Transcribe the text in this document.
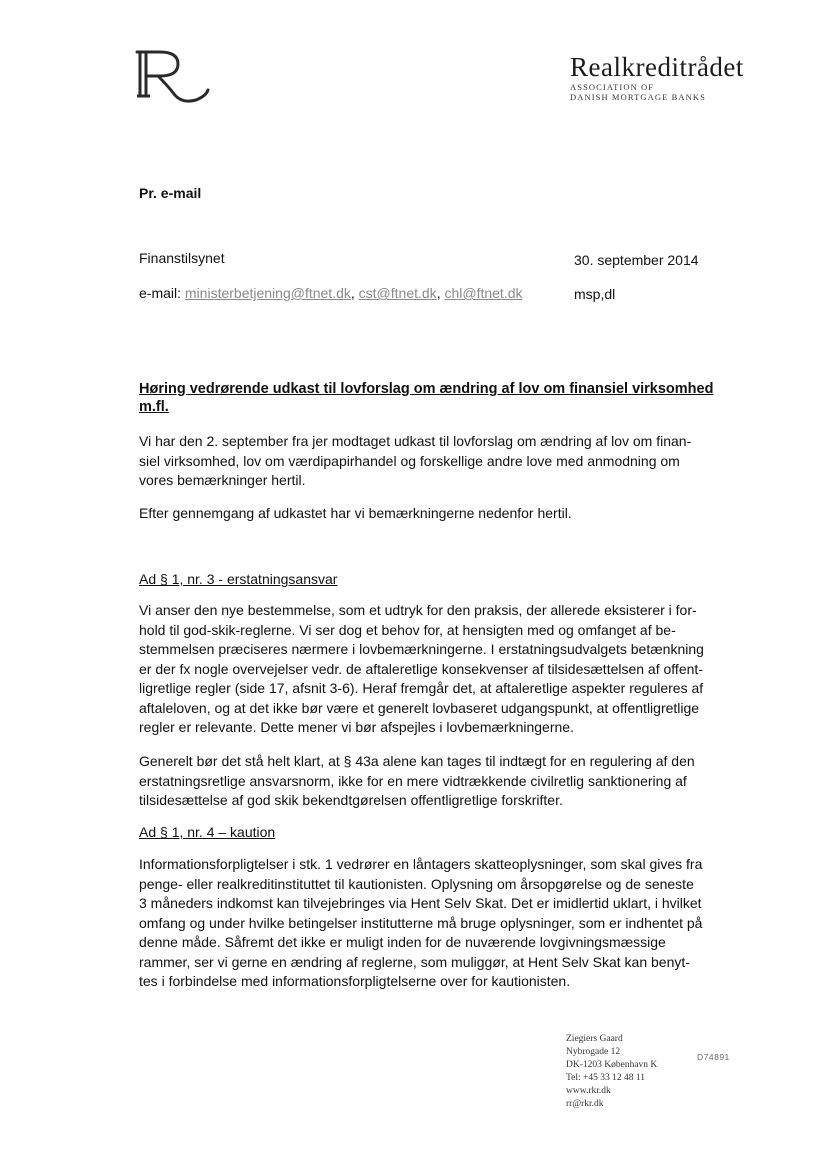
Realkreditrådet
ASSOCIATION OF
DANISH MORTGAGE BANKS
Pr. e-mail
Finanstilsynet	30. september 2014
e-mail: ministerbetjening@ftnet.dk, cst@ftnet.dk, chl@ftnet.dk	msp,dl
Høring vedrørende udkast til lovforslag om ændring af lov om finansiel virksomhed m.fl.
Vi har den 2. september fra jer modtaget udkast til lovforslag om ændring af lov om finan-
siel virksomhed, lov om værdipapirhandel og forskellige andre love med anmodning om
vores bemærkninger hertil.
Efter gennemgang af udkastet har vi bemærkningerne nedenfor hertil.
Ad § 1, nr. 3 - erstatningsansvar
Vi anser den nye bestemmelse, som et udtryk for den praksis, der allerede eksisterer i for-
hold til god-skik-reglerne. Vi ser dog et behov for, at hensigten med og omfanget af be-
stemmelsen præciseres nærmere i lovbemærkningerne. I erstatningsudvalgets betænkning
er der fx nogle overvejelser vedr. de aftaleretlige konsekvenser af tilsidesættelsen af offent-
ligretlige regler (side 17, afsnit 3-6). Heraf fremgår det, at aftaleretlige aspekter reguleres af
aftaleloven, og at det ikke bør være et generelt lovbaseret udgangspunkt, at offentligretlige
regler er relevante. Dette mener vi bør afspejles i lovbemærkningerne.
Generelt bør det stå helt klart, at § 43a alene kan tages til indtægt for en regulering af den
erstatningsretlige ansvarsnorm, ikke for en mere vidtrækkende civilretlig sanktionering af
tilsidesættelse af god skik bekendtgørelsen offentligretlige forskrifter.
Ad § 1, nr. 4 – kaution
Informationsforpligtelser i stk. 1 vedrører en låntagers skatteoplysninger, som skal gives fra
penge- eller realkreditinstituttet til kautionisten. Oplysning om årsopgørelse og de seneste
3 måneders indkomst kan tilvejebringes via Hent Selv Skat. Det er imidlertid uklart, i hvilket
omfang og under hvilke betingelser institutterne må bruge oplysninger, som er indhentet på
denne måde. Såfremt det ikke er muligt inden for de nuværende lovgivningsmæssige
rammer, ser vi gerne en ændring af reglerne, som muliggør, at Hent Selv Skat kan benyt-
tes i forbindelse med informationsforpligtelserne over for kautionisten.
Ziegiers Gaard
Nybrogade 12
DK-1203 København K
Tel: +45 33 12 48 11
www.rkr.dk
rr@rkr.dk
D74891
